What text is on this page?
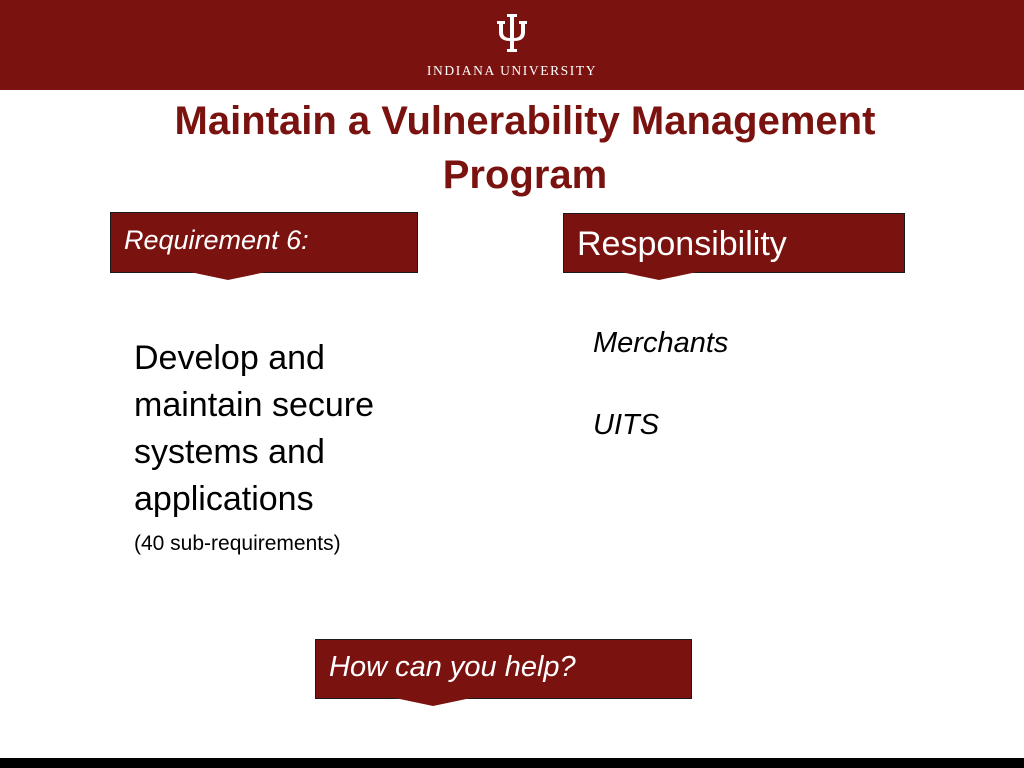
INDIANA UNIVERSITY
Maintain a Vulnerability Management Program
Requirement 6:	Responsibility
Develop and maintain secure systems and applications
(40 sub-requirements)
Merchants
UITS
How can you help?
